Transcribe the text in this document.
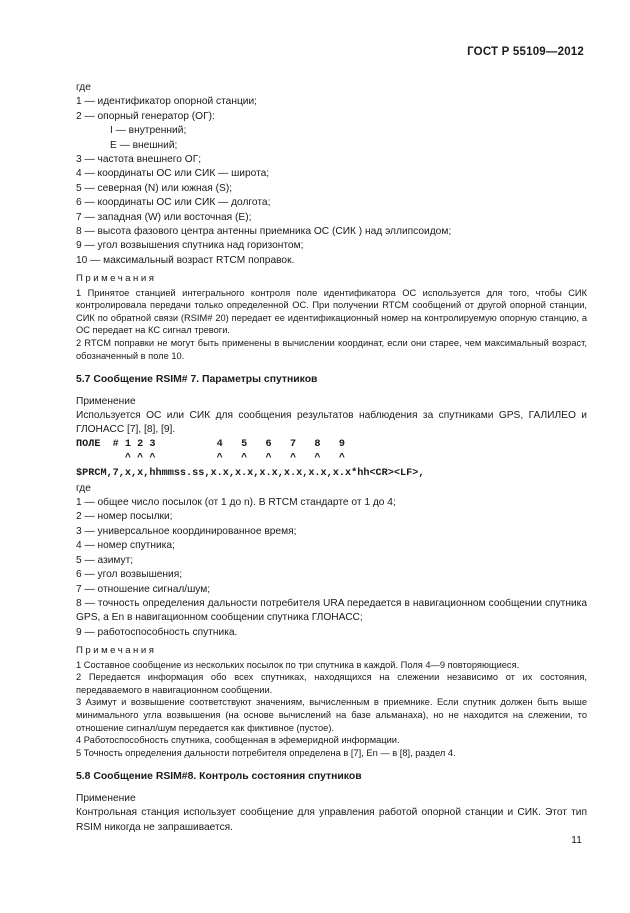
ГОСТ Р 55109—2012
где
1 — идентификатор опорной станции;
2 — опорный генератор (ОГ):
I — внутренний;
E — внешний;
3 — частота внешнего ОГ;
4 — координаты ОС или СИК — широта;
5 — северная (N) или южная (S);
6 — координаты ОС или СИК — долгота;
7 — западная (W) или восточная (E);
8 — высота фазового центра антенны приемника ОС (СИК ) над эллипсоидом;
9 — угол возвышения спутника над горизонтом;
10 — максимальный возраст RTCM поправок.
Примечания
1 Принятое станцией интегрального контроля поле идентификатора ОС используется для того, чтобы СИК контролировала передачи только определенной ОС. При получении RTCM сообщений от другой опорной станции, СИК по обратной связи (RSIM# 20) передает ее идентификационный номер на контролируемую опорную станцию, а ОС передает на КС сигнал тревоги.
2 RTCM поправки не могут быть применены в вычислении координат, если они старее, чем максимальный возраст, обозначенный в поле 10.
5.7 Сообщение RSIM# 7. Параметры спутников
Применение
Используется ОС или СИК для сообщения результатов наблюдения за спутниками GPS, ГАЛИЛЕО и ГЛОНАСС [7], [8], [9].
ПОЛЕ  # 1 2 3          4   5   6   7   8   9
^ ^ ^          ^   ^   ^   ^   ^   ^
$PRCM,7,x,x,hhmmss.ss,x.x,x.x,x.x,x.x,x.x,x.x*hh<CR><LF>,
где
1 — общее число посылок (от 1 до n). В RTCM стандарте от 1 до 4;
2 — номер посылки;
3 — универсальное координированное время;
4 — номер спутника;
5 — азимут;
6 — угол возвышения;
7 — отношение сигнал/шум;
8 — точность определения дальности потребителя URA передается в навигационном сообщении спутника GPS, а En в навигационном сообщении спутника ГЛОНАСС;
9 — работоспособность спутника.
Примечания
1 Составное сообщение из нескольких посылок по три спутника в каждой. Поля 4—9 повторяющиеся.
2 Передается информация обо всех спутниках, находящихся на слежении независимо от их состояния, передаваемого в навигационном сообщении.
3 Азимут и возвышение соответствуют значениям, вычисленным в приемнике. Если спутник должен быть выше минимального угла возвышения (на основе вычислений на базе альманаха), но не находится на слежении, то отношение сигнал/шум передается как фиктивное (пустое).
4 Работоспособность спутника, сообщенная в эфемеридной информации.
5 Точность определения дальности потребителя определена в [7], En — в [8], раздел 4.
5.8 Сообщение RSIM#8. Контроль состояния спутников
Применение
Контрольная станция использует сообщение для управления работой опорной станции и СИК. Этот тип RSIM никогда не запрашивается.
11
